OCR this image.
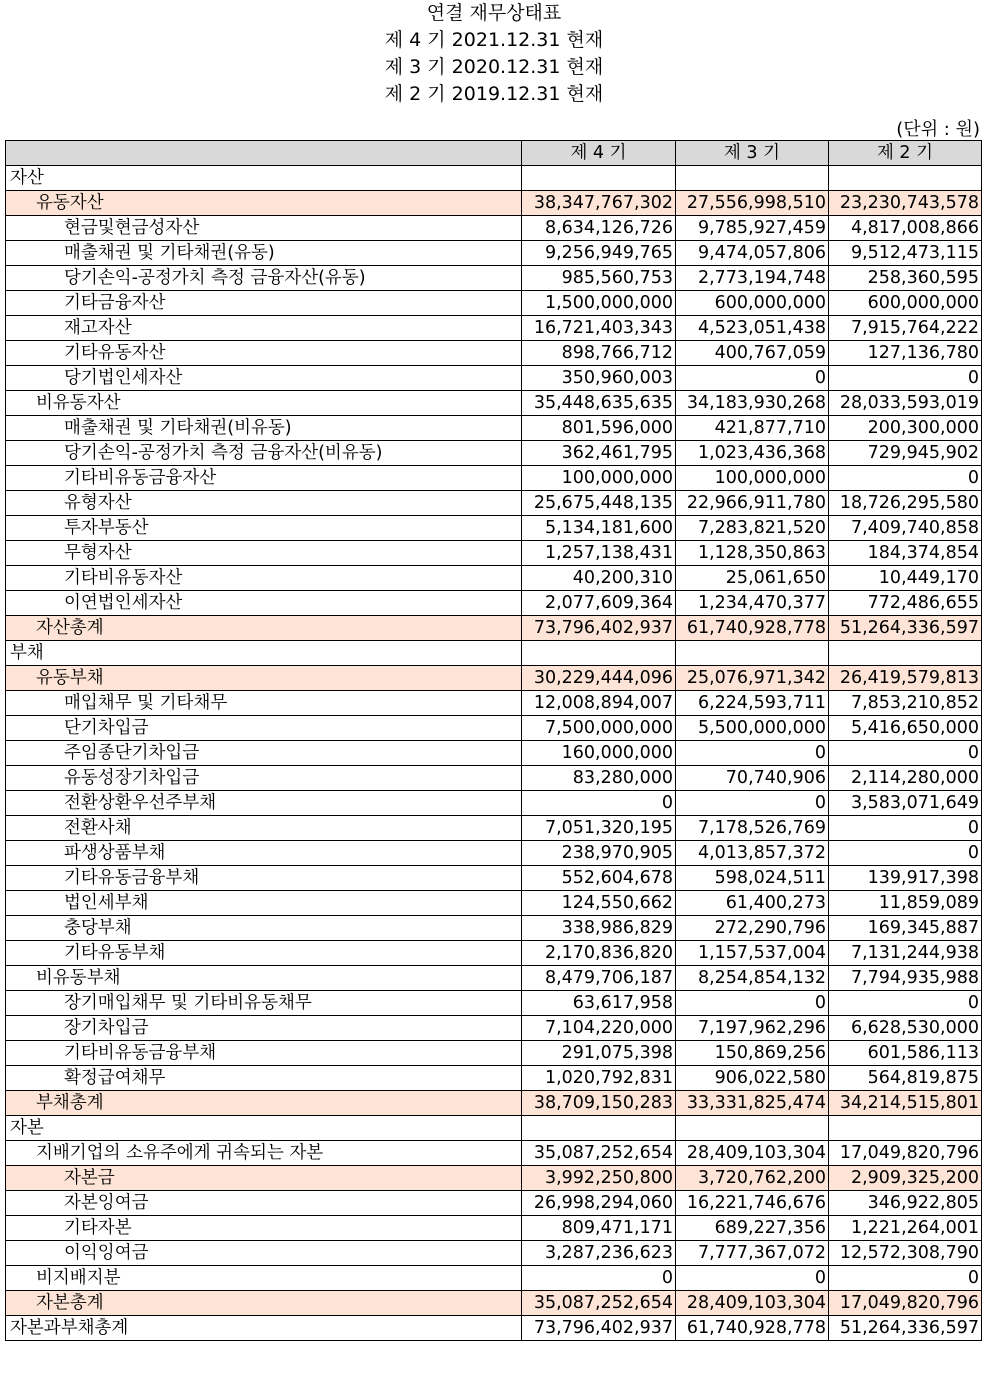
연결 재무상태표
제 4 기 2021.12.31 현재
제 3 기 2020.12.31 현재
제 2 기 2019.12.31 현재
(단위 : 원)
	제 4 기	제 3 기	제 2 기
자산			
유동자산	38,347,767,302	27,556,998,510	23,230,743,578
현금및현금성자산	8,634,126,726	9,785,927,459	4,817,008,866
매출채권 및 기타채권(유동)	9,256,949,765	9,474,057,806	9,512,473,115
당기손익-공정가치 측정 금융자산(유동)	985,560,753	2,773,194,748	258,360,595
기타금융자산	1,500,000,000	600,000,000	600,000,000
재고자산	16,721,403,343	4,523,051,438	7,915,764,222
기타유동자산	898,766,712	400,767,059	127,136,780
당기법인세자산	350,960,003	0	0
비유동자산	35,448,635,635	34,183,930,268	28,033,593,019
매출채권 및 기타채권(비유동)	801,596,000	421,877,710	200,300,000
당기손익-공정가치 측정 금융자산(비유동)	362,461,795	1,023,436,368	729,945,902
기타비유동금융자산	100,000,000	100,000,000	0
유형자산	25,675,448,135	22,966,911,780	18,726,295,580
투자부동산	5,134,181,600	7,283,821,520	7,409,740,858
무형자산	1,257,138,431	1,128,350,863	184,374,854
기타비유동자산	40,200,310	25,061,650	10,449,170
이연법인세자산	2,077,609,364	1,234,470,377	772,486,655
자산총계	73,796,402,937	61,740,928,778	51,264,336,597
부채			
유동부채	30,229,444,096	25,076,971,342	26,419,579,813
매입채무 및 기타채무	12,008,894,007	6,224,593,711	7,853,210,852
단기차입금	7,500,000,000	5,500,000,000	5,416,650,000
주임종단기차입금	160,000,000	0	0
유동성장기차입금	83,280,000	70,740,906	2,114,280,000
전환상환우선주부채	0	0	3,583,071,649
전환사채	7,051,320,195	7,178,526,769	0
파생상품부채	238,970,905	4,013,857,372	0
기타유동금융부채	552,604,678	598,024,511	139,917,398
법인세부채	124,550,662	61,400,273	11,859,089
충당부채	338,986,829	272,290,796	169,345,887
기타유동부채	2,170,836,820	1,157,537,004	7,131,244,938
비유동부채	8,479,706,187	8,254,854,132	7,794,935,988
장기매입채무 및 기타비유동채무	63,617,958	0	0
장기차입금	7,104,220,000	7,197,962,296	6,628,530,000
기타비유동금융부채	291,075,398	150,869,256	601,586,113
확정급여채무	1,020,792,831	906,022,580	564,819,875
부채총계	38,709,150,283	33,331,825,474	34,214,515,801
자본			
지배기업의 소유주에게 귀속되는 자본	35,087,252,654	28,409,103,304	17,049,820,796
자본금	3,992,250,800	3,720,762,200	2,909,325,200
자본잉여금	26,998,294,060	16,221,746,676	346,922,805
기타자본	809,471,171	689,227,356	1,221,264,001
이익잉여금	3,287,236,623	7,777,367,072	12,572,308,790
비지배지분	0	0	0
자본총계	35,087,252,654	28,409,103,304	17,049,820,796
자본과부채총계	73,796,402,937	61,740,928,778	51,264,336,597
